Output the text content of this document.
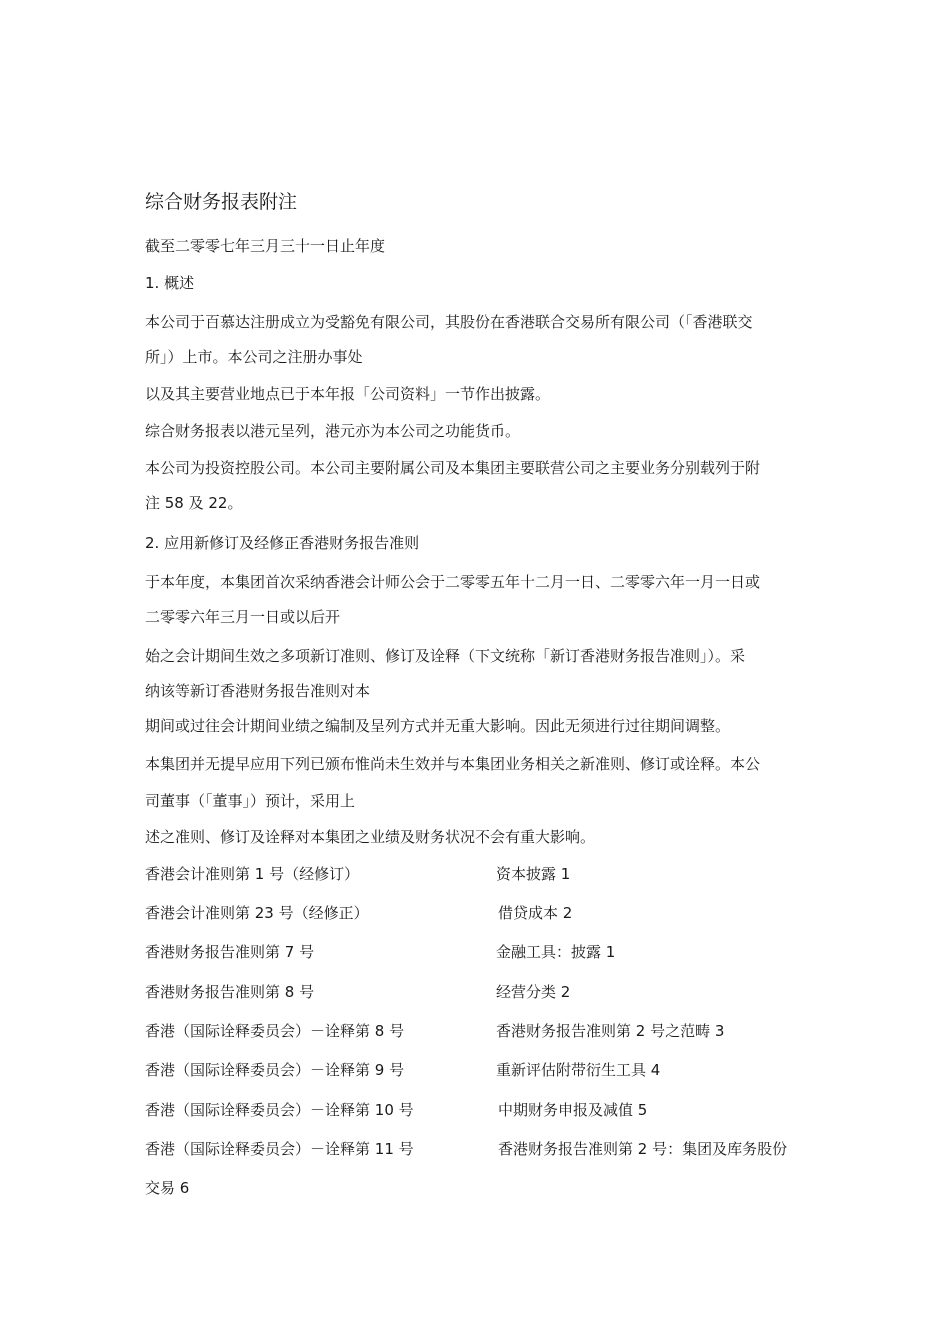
综合财务报表附注
截至二零零七年三月三十一日止年度
1. 概述
本公司于百慕达注册成立为受豁免有限公司，其股份在香港联合交易所有限公司（「香港联交
所」）上市。本公司之注册办事处
以及其主要营业地点已于本年报「公司资料」一节作出披露。
综合财务报表以港元呈列，港元亦为本公司之功能货币。
本公司为投资控股公司。本公司主要附属公司及本集团主要联营公司之主要业务分别载列于附
注 58 及 22。
2. 应用新修订及经修正香港财务报告准则
于本年度，本集团首次采纳香港会计师公会于二零零五年十二月一日、二零零六年一月一日或
二零零六年三月一日或以后开
始之会计期间生效之多项新订准则、修订及诠释（下文统称「新订香港财务报告准则」）。采
纳该等新订香港财务报告准则对本
期间或过往会计期间业绩之编制及呈列方式并无重大影响。因此无须进行过往期间调整。
本集团并无提早应用下列已颁布惟尚未生效并与本集团业务相关之新准则、修订或诠释。本公
司董事（「董事」）预计，采用上
述之准则、修订及诠释对本集团之业绩及财务状况不会有重大影响。
香港会计准则第 1 号（经修订）	资本披露 1
香港会计准则第 23 号（经修正）	借贷成本 2
香港财务报告准则第 7 号	金融工具：披露 1
香港财务报告准则第 8 号	经营分类 2
香港（国际诠释委员会）－诠释第 8 号	香港财务报告准则第 2 号之范畴 3
香港（国际诠释委员会）－诠释第 9 号	重新评估附带衍生工具 4
香港（国际诠释委员会）－诠释第 10 号	中期财务申报及减值 5
香港（国际诠释委员会）－诠释第 11 号	香港财务报告准则第 2 号：集团及库务股份
交易 6
